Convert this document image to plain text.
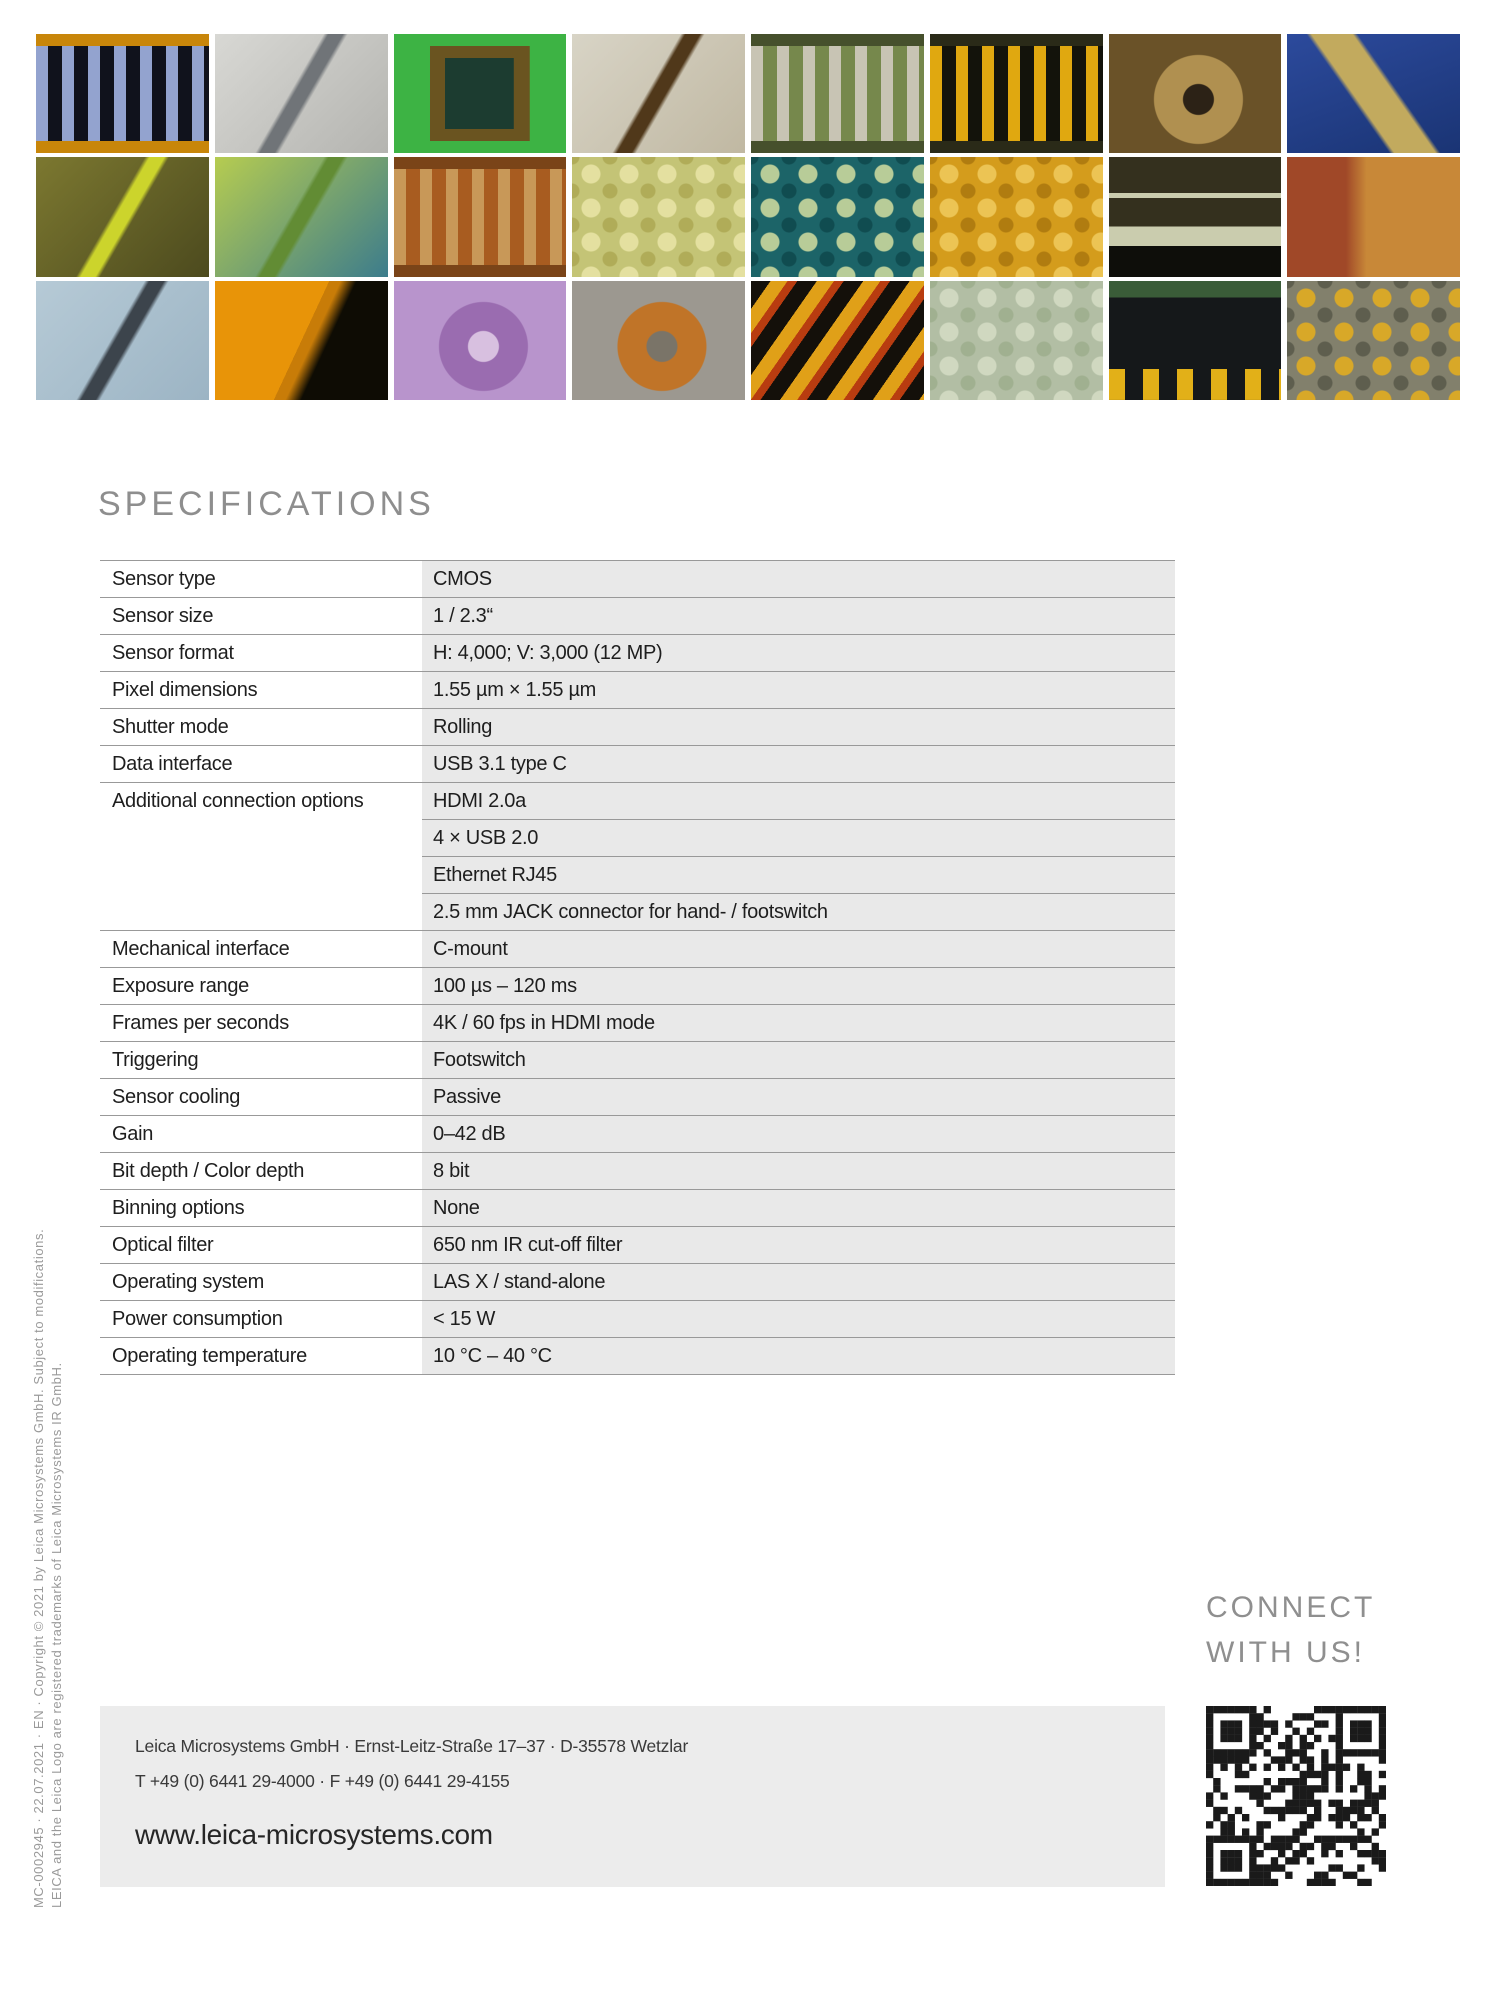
SPECIFICATIONS
Sensor type	CMOS
Sensor size	1 / 2.3“
Sensor format	H: 4,000; V: 3,000 (12 MP)
Pixel dimensions	1.55 µm × 1.55 µm
Shutter mode	Rolling
Data interface	USB 3.1 type C
Additional connection options	HDMI 2.0a
4 × USB 2.0
Ethernet RJ45
2.5 mm JACK connector for hand- / footswitch
Mechanical interface	C-mount
Exposure range	100 µs – 120 ms
Frames per seconds	4K / 60 fps in HDMI mode
Triggering	Footswitch
Sensor cooling	Passive
Gain	0–42 dB
Bit depth / Color depth	8 bit
Binning options	None
Optical filter	650 nm IR cut-off filter
Operating system	LAS X / stand-alone
Power consumption	< 15 W
Operating temperature	10 °C – 40 °C
MC-0002945 · 22.07.2021 · EN · Copyright © 2021 by Leica Microsystems GmbH. Subject to modifications. LEICA and the Leica Logo are registered trademarks of Leica Microsystems IR GmbH.	CONNECT
WITH US!
Leica Microsystems GmbH · Ernst-Leitz-Straße 17–37 · D-35578 Wetzlar
T +49 (0) 6441 29-4000 · F +49 (0) 6441 29-4155
www.leica-microsystems.com
